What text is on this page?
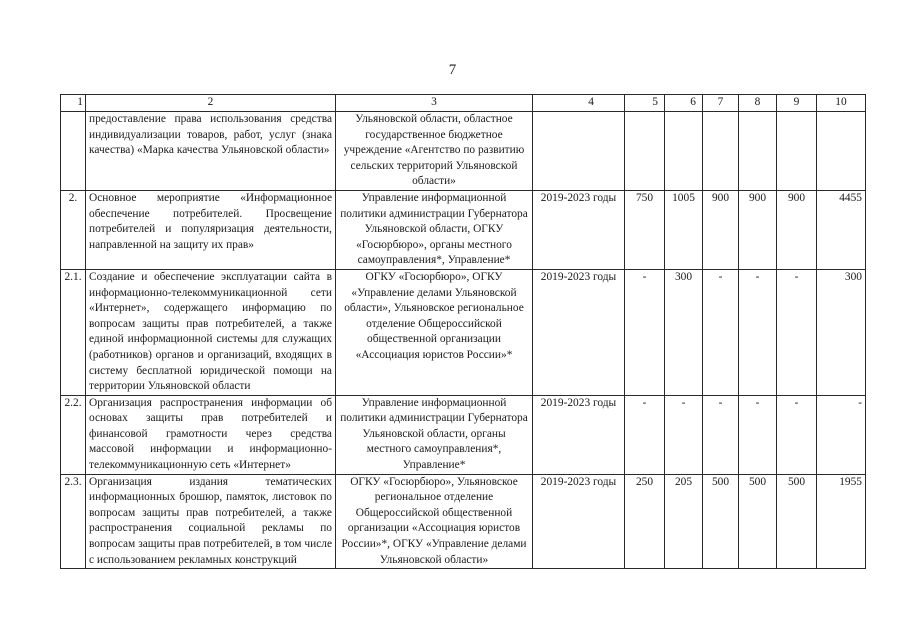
7
1	2	3	4	5	6	7	8	9	10
	предоставление права использования средства индивидуализации товаров, работ, услуг (знака качества) «Марка качества Ульяновской области»	Ульяновской области, областное государственное бюджетное учреждение «Агентство по развитию сельских территорий Ульяновской области»							
2.	Основное мероприятие «Информационное обеспечение потребителей. Просвещение потребителей и популяризация деятельности, направленной на защиту их прав»	Управление информационной политики администрации Губернатора Ульяновской области, ОГКУ «Госюрбюро», органы местного самоуправления*, Управление*	2019-2023 годы	750	1005	900	900	900	4455
2.1.	Создание и обеспечение эксплуатации сайта в информационно-телекоммуникационной сети «Интернет», содержащего информацию по вопросам защиты прав потребителей, а также единой информационной системы для служащих (работников) органов и организаций, входящих в систему бесплатной юридической помощи на территории Ульяновской области	ОГКУ «Госюрбюро», ОГКУ «Управление делами Ульяновской области», Ульяновское региональное отделение Общероссийской общественной организации «Ассоциация юристов России»*	2019-2023 годы	-	300	-	-	-	300
2.2.	Организация распространения информации об основах защиты прав потребителей и финансовой грамотности через средства массовой информации и информационно-телекоммуникационную сеть «Интернет»	Управление информационной политики администрации Губернатора Ульяновской области, органы местного самоуправления*, Управление*	2019-2023 годы	-	-	-	-	-	-
2.3.	Организация издания тематических информационных брошюр, памяток, листовок по вопросам защиты прав потребителей, а также распространения социальной рекламы по вопросам защиты прав потребителей, в том числе с использованием рекламных конструкций	ОГКУ «Госюрбюро», Ульяновское региональное отделение Общероссийской общественной организации «Ассоциация юристов России»*, ОГКУ «Управление делами Ульяновской области»	2019-2023 годы	250	205	500	500	500	1955
